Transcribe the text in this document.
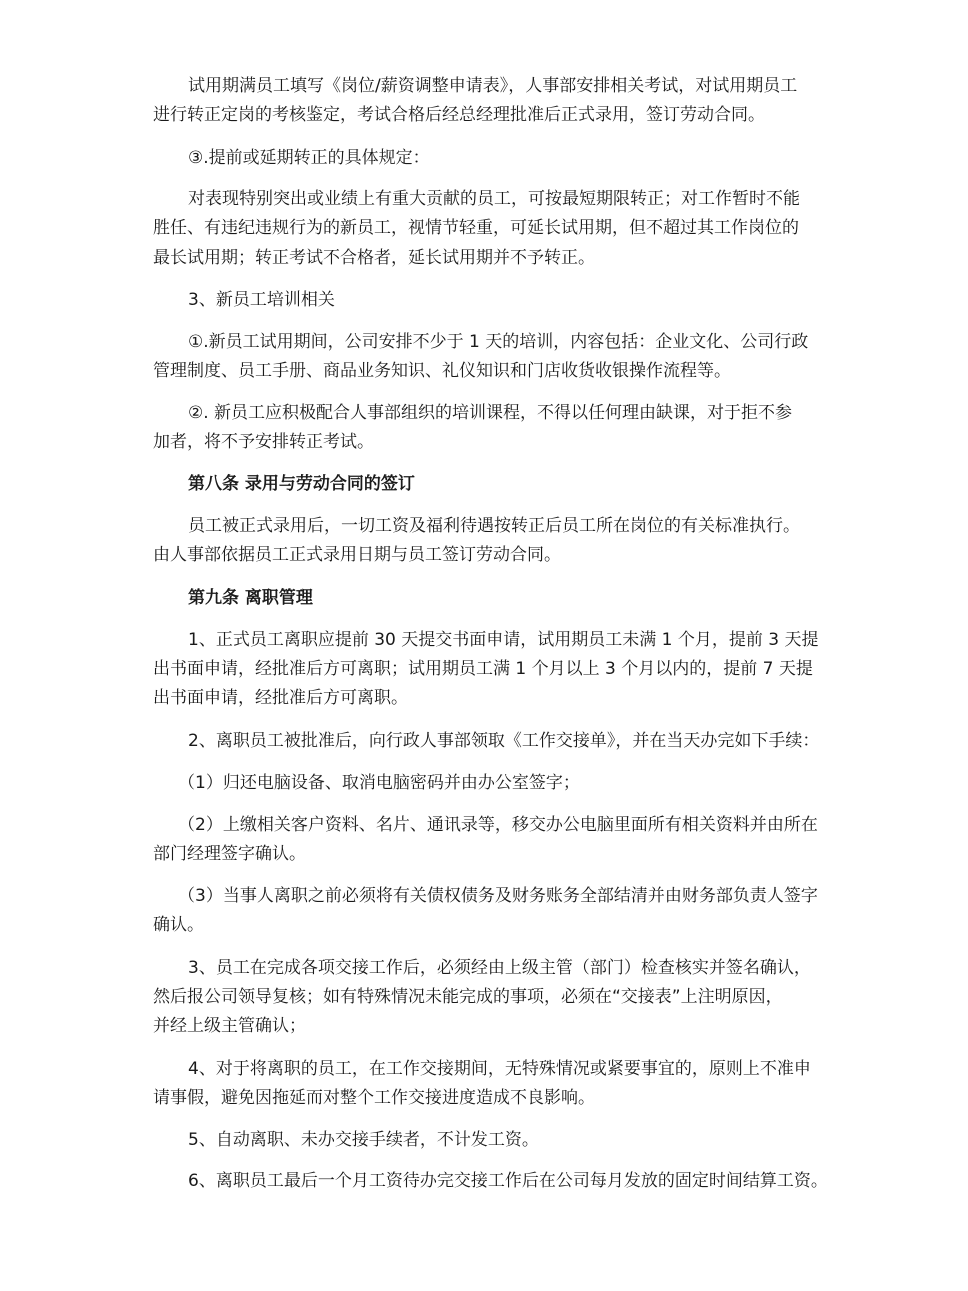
试用期满员工填写《岗位/薪资调整申请表》，人事部安排相关考试，对试用期员工
进行转正定岗的考核鉴定，考试合格后经总经理批准后正式录用，签订劳动合同。
③.提前或延期转正的具体规定：
对表现特别突出或业绩上有重大贡献的员工，可按最短期限转正；对工作暂时不能
胜任、有违纪违规行为的新员工，视情节轻重，可延长试用期，但不超过其工作岗位的
最长试用期；转正考试不合格者，延长试用期并不予转正。
3、新员工培训相关
①.新员工试用期间，公司安排不少于 1 天的培训，内容包括：企业文化、公司行政
管理制度、员工手册、商品业务知识、礼仪知识和门店收货收银操作流程等。
②. 新员工应积极配合人事部组织的培训课程，不得以任何理由缺课，对于拒不参
加者，将不予安排转正考试。
第八条 录用与劳动合同的签订
员工被正式录用后，一切工资及福利待遇按转正后员工所在岗位的有关标准执行。
由人事部依据员工正式录用日期与员工签订劳动合同。
第九条 离职管理
1、正式员工离职应提前 30 天提交书面申请，试用期员工未满 1 个月，提前 3 天提
出书面申请，经批准后方可离职；试用期员工满 1 个月以上 3 个月以内的，提前 7 天提
出书面申请，经批准后方可离职。
2、离职员工被批准后，向行政人事部领取《工作交接单》，并在当天办完如下手续：
（1）归还电脑设备、取消电脑密码并由办公室签字；
（2）上缴相关客户资料、名片、通讯录等，移交办公电脑里面所有相关资料并由所在
部门经理签字确认。
（3）当事人离职之前必须将有关债权债务及财务账务全部结清并由财务部负责人签字
确认。
3、员工在完成各项交接工作后，必须经由上级主管（部门）检查核实并签名确认，
然后报公司领导复核；如有特殊情况未能完成的事项，必须在“交接表”上注明原因，
并经上级主管确认；
4、对于将离职的员工，在工作交接期间，无特殊情况或紧要事宜的，原则上不准申
请事假，避免因拖延而对整个工作交接进度造成不良影响。
5、自动离职、未办交接手续者，不计发工资。
6、离职员工最后一个月工资待办完交接工作后在公司每月发放的固定时间结算工资。
